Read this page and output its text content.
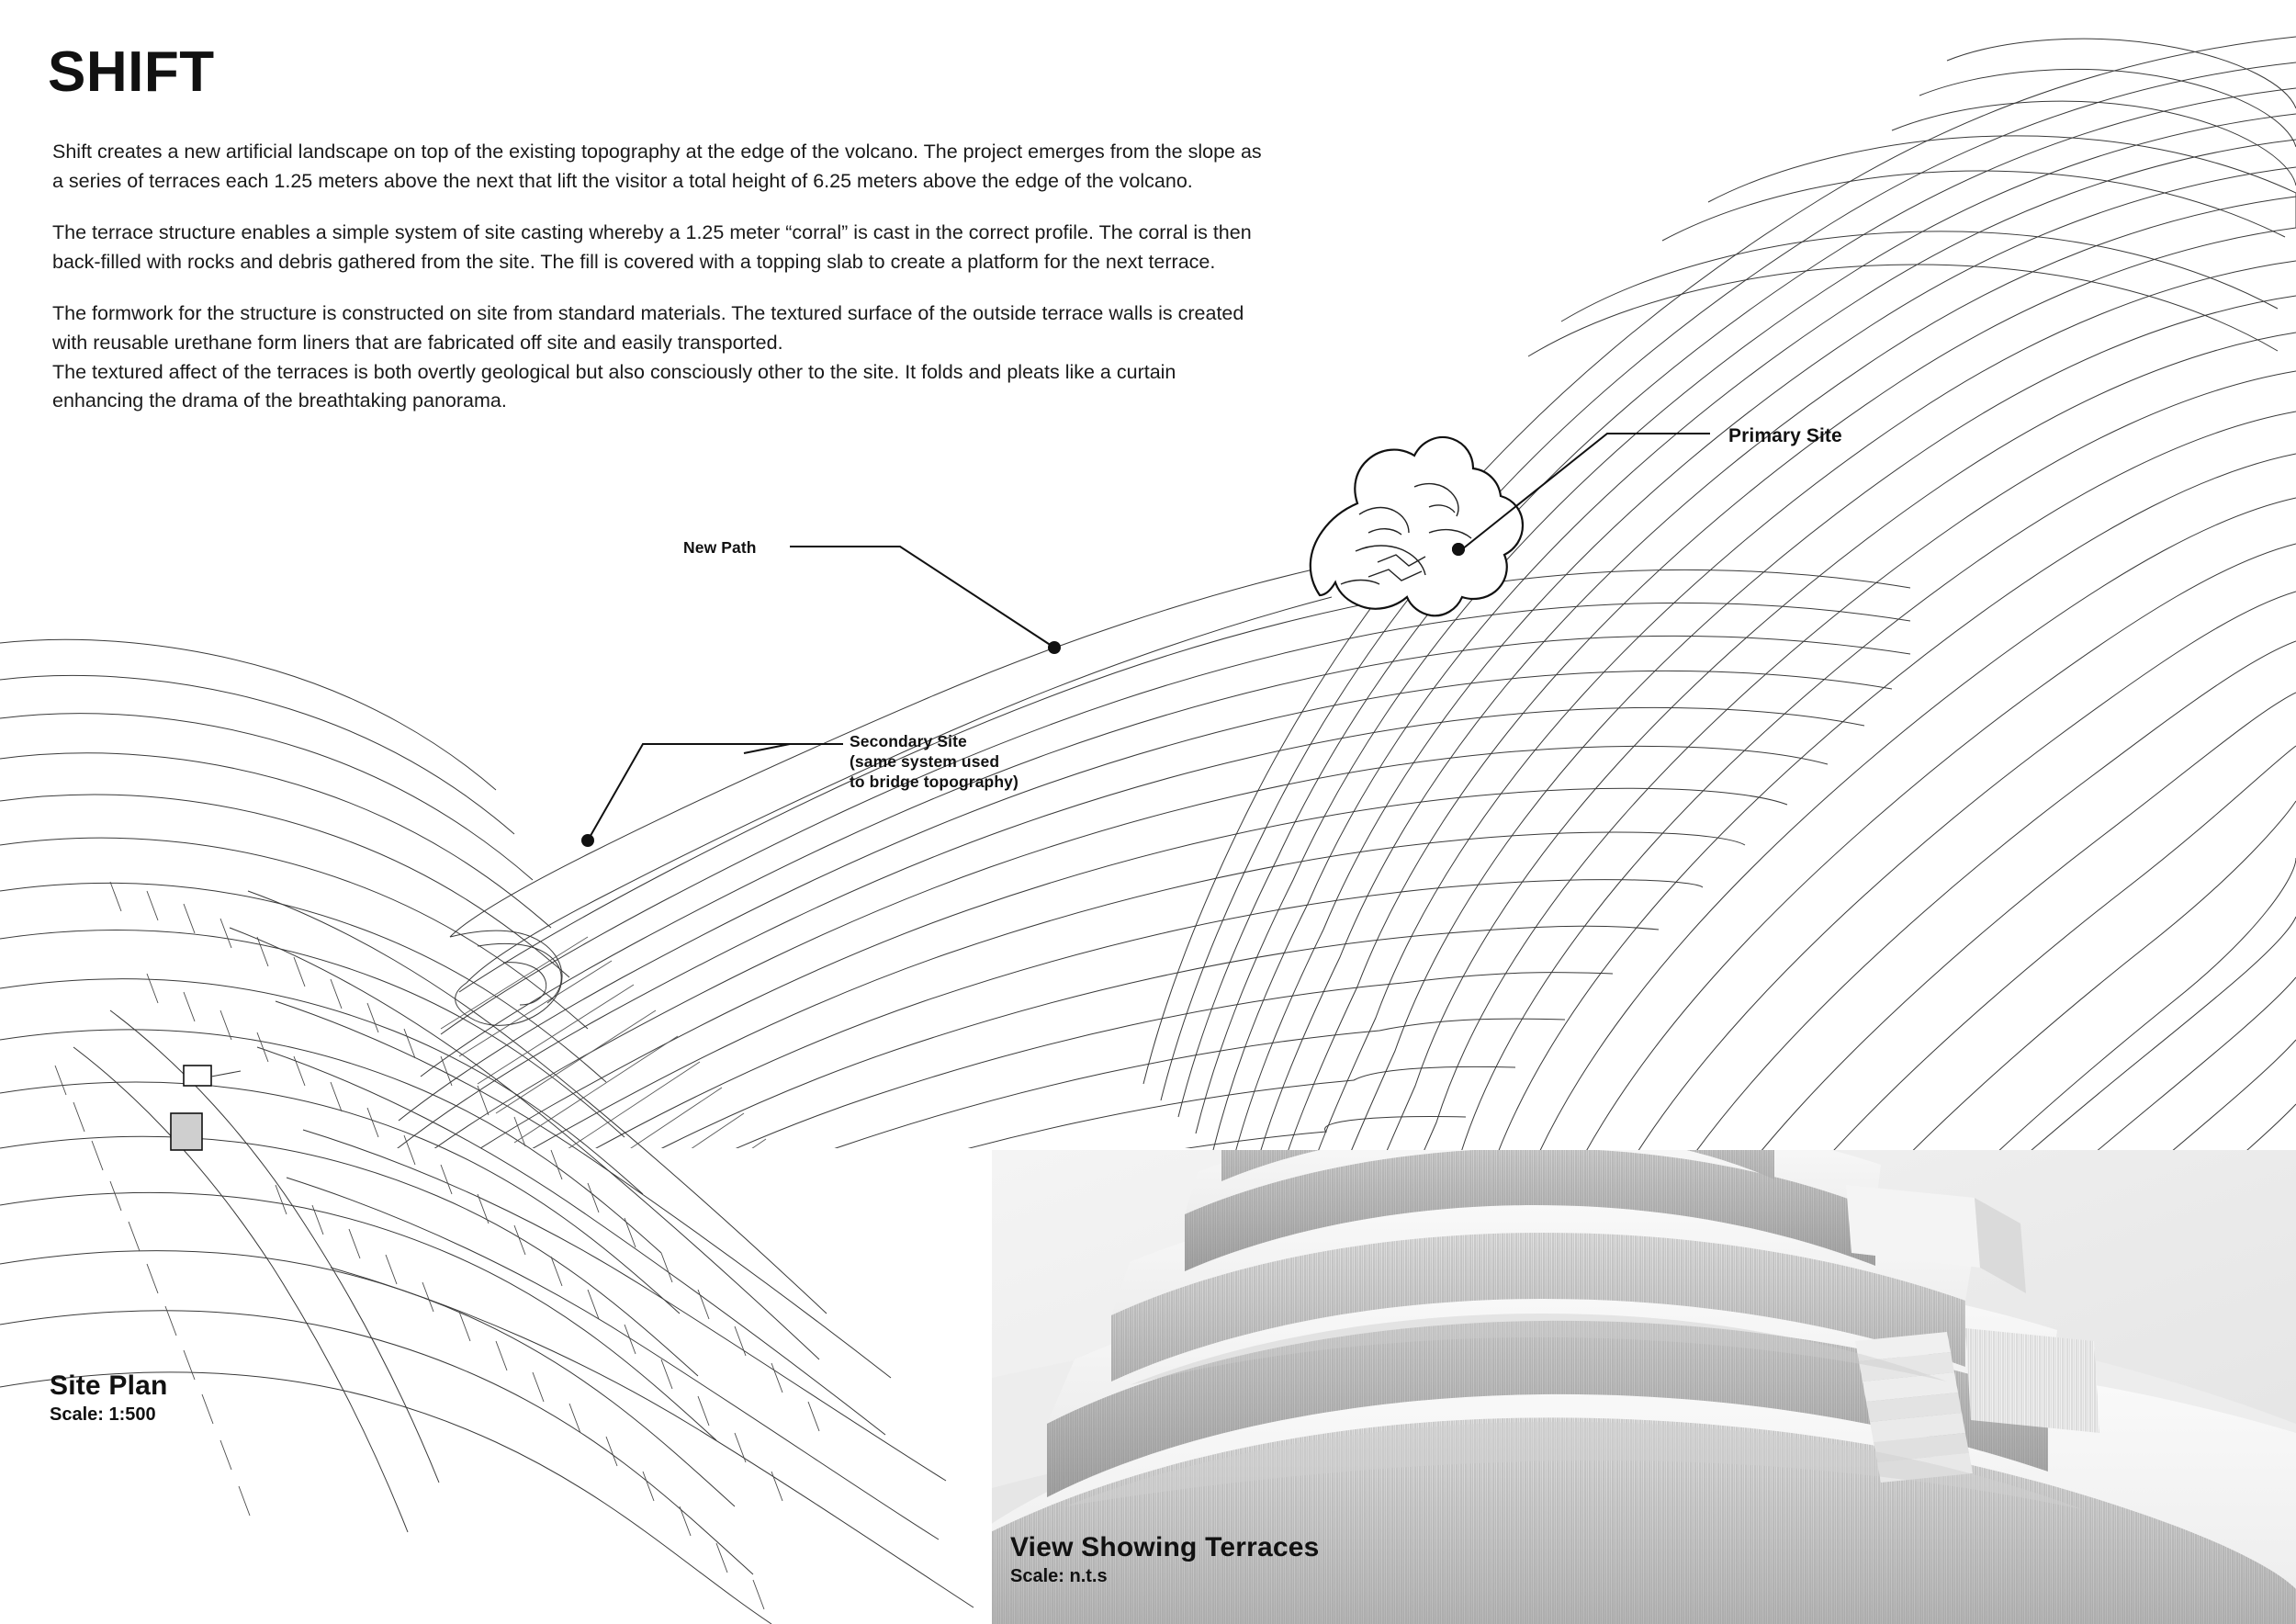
SHIFT

Shift creates a new artificial landscape on top of the existing topography at the edge of the volcano. The project emerges from the slope as a series of terraces each 1.25 meters above the next that lift the visitor a total height of 6.25 meters above the edge of the volcano.

The terrace structure enables a simple system of site casting whereby a 1.25 meter “corral” is cast in the correct profile. The corral is then back-filled with rocks and debris gathered from the site. The fill is covered with a topping slab to create a platform for the next terrace.

The formwork for the structure is constructed on site from standard materials. The textured surface of the outside terrace walls is created with reusable urethane form liners that are fabricated off site and easily transported.

The textured affect of the terraces is both overtly geological but also consciously other to the site. It folds and pleats like a curtain enhancing the drama of the breathtaking panorama.

Primary Site
New Path
Secondary Site
(same system used
to bridge topography)
Site Plan
Scale: 1:500
View Showing Terraces
Scale: n.t.s
